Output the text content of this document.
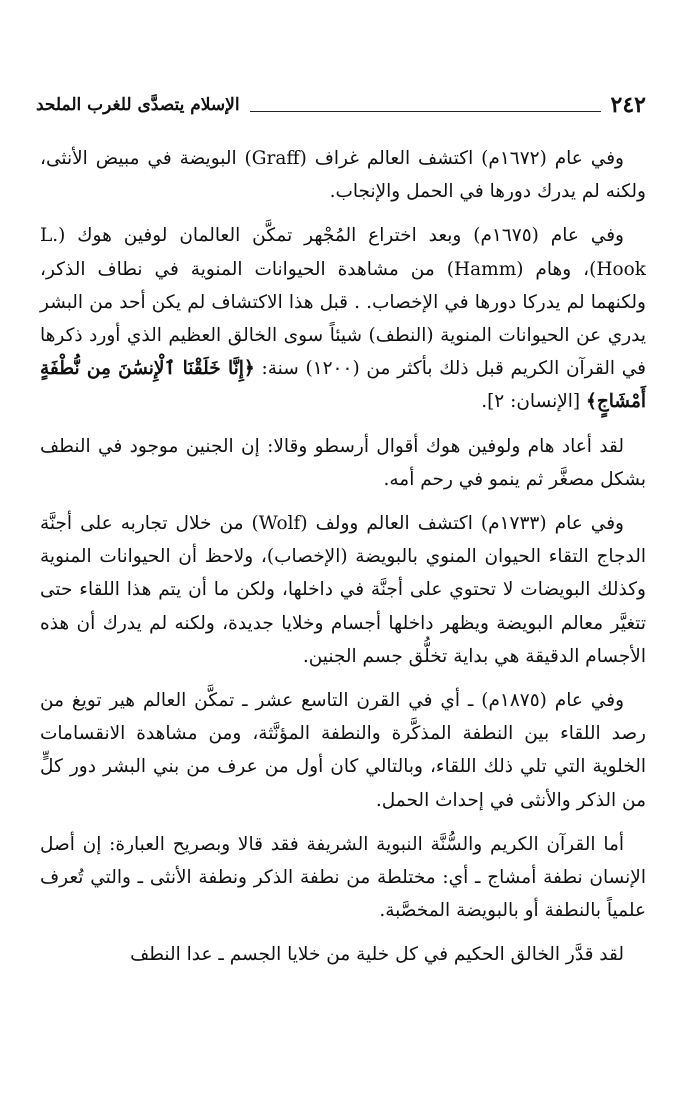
٢٤٢
الإسلام يتصدَّى للغرب الملحد

وفي عام (١٦٧٢م) اكتشف العالم غراف (Graff) البويضة في مبيض الأنثى، ولكنه لم يدرك دورها في الحمل والإنجاب.

وفي عام (١٦٧٥م) وبعد اختراع المُجْهر تمكَّن العالمان لوفين هوك (L. Hook)، وهام (Hamm) من مشاهدة الحيوانات المنوية في نطاف الذكر، ولكنهما لم يدركا دورها في الإخصاب. . قبل هذا الاكتشاف لم يكن أحد من البشر يدري عن الحيوانات المنوية (النطف) شيئاً سوى الخالق العظيم الذي أورد ذكرها في القرآن الكريم قبل ذلك بأكثر من (١٢٠٠) سنة: ﴿إِنَّا خَلَقْنَا ٱلْإِنسَٰنَ مِن نُّطْفَةٍ أَمْشَاجٍ﴾ [الإنسان: ٢].

لقد أعاد هام ولوفين هوك أقوال أرسطو وقالا: إن الجنين موجود في النطف بشكل مصغَّر ثم ينمو في رحم أمه.

وفي عام (١٧٣٣م) اكتشف العالم وولف (Wolf) من خلال تجاربه على أجنَّة الدجاج التقاء الحيوان المنوي بالبويضة (الإخصاب)، ولاحظ أن الحيوانات المنوية وكذلك البويضات لا تحتوي على أجنَّة في داخلها، ولكن ما أن يتم هذا اللقاء حتى تتغيَّر معالم البويضة ويظهر داخلها أجسام وخلايا جديدة، ولكنه لم يدرك أن هذه الأجسام الدقيقة هي بداية تخلُّق جسم الجنين.

وفي عام (١٨٧٥م) ـ أي في القرن التاسع عشر ـ تمكَّن العالم هير تويغ من رصد اللقاء بين النطفة المذكَّرة والنطفة المؤنَّثة، ومن مشاهدة الانقسامات الخلوية التي تلي ذلك اللقاء، وبالتالي كان أول من عرف من بني البشر دور كلٍّ من الذكر والأنثى في إحداث الحمل.

أما القرآن الكريم والسُّنَّة النبوية الشريفة فقد قالا وبصريح العبارة: إن أصل الإنسان نطفة أمشاج ـ أي: مختلطة من نطفة الذكر ونطفة الأنثى ـ والتي تُعرف علمياً بالنطفة أو بالبويضة المخصَّبة.

لقد قدَّر الخالق الحكيم في كل خلية من خلايا الجسم ـ عدا النطف
